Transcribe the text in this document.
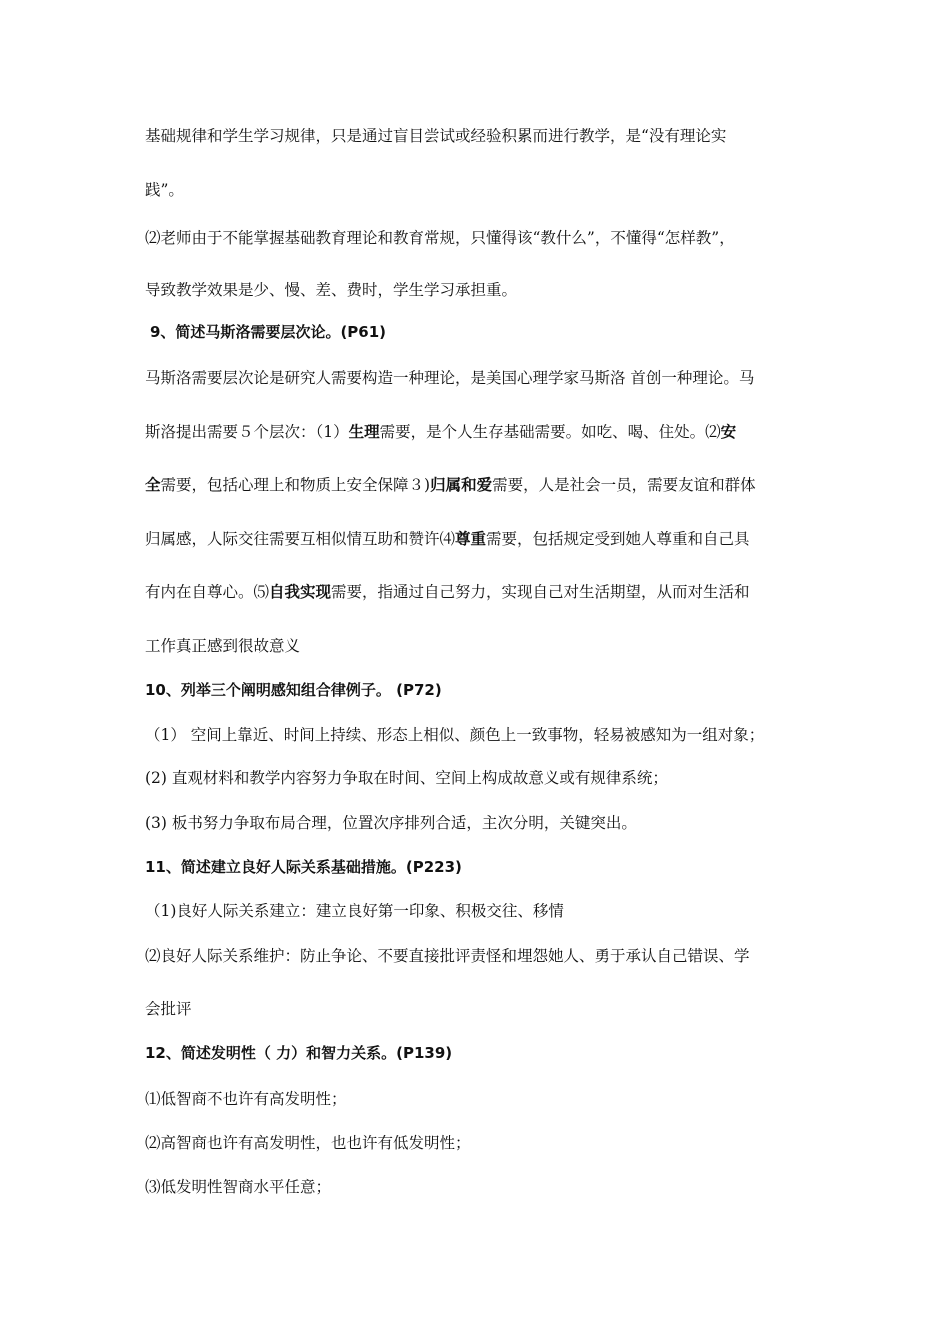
基础规律和学生学习规律，只是通过盲目尝试或经验积累而进行教学，是“没有理论实
践”。
⑵老师由于不能掌握基础教育理论和教育常规，只懂得该“教什么”，不懂得“怎样教”，
导致教学效果是少、慢、差、费时，学生学习承担重。
9、简述马斯洛需要层次论。(P61)
马斯洛需要层次论是研究人需要构造一种理论，是美国心理学家马斯洛 首创一种理论。马
斯洛提出需要５个层次：（1）生理需要，是个人生存基础需要。如吃、喝、住处。⑵安
全需要，包括心理上和物质上安全保障３)归属和爱需要，人是社会一员，需要友谊和群体
归属感，人际交往需要互相似情互助和赞许⑷尊重需要，包括规定受到她人尊重和自己具
有内在自尊心。⑸自我实现需要，指通过自己努力，实现自己对生活期望，从而对生活和
工作真正感到很故意义
10、列举三个阐明感知组合律例子。 (P72)
（1） 空间上靠近、时间上持续、形态上相似、颜色上一致事物，轻易被感知为一组对象；
(2) 直观材料和教学内容努力争取在时间、空间上构成故意义或有规律系统；
(3) 板书努力争取布局合理，位置次序排列合适，主次分明，关键突出。
11、简述建立良好人际关系基础措施。(P223)
（1)良好人际关系建立：建立良好第一印象、积极交往、移情
⑵良好人际关系维护：防止争论、不要直接批评责怪和埋怨她人、勇于承认自己错误、学
会批评
12、简述发明性（ 力）和智力关系。(P139)
⑴低智商不也许有高发明性；
⑵高智商也许有高发明性，也也许有低发明性；
⑶低发明性智商水平任意；
